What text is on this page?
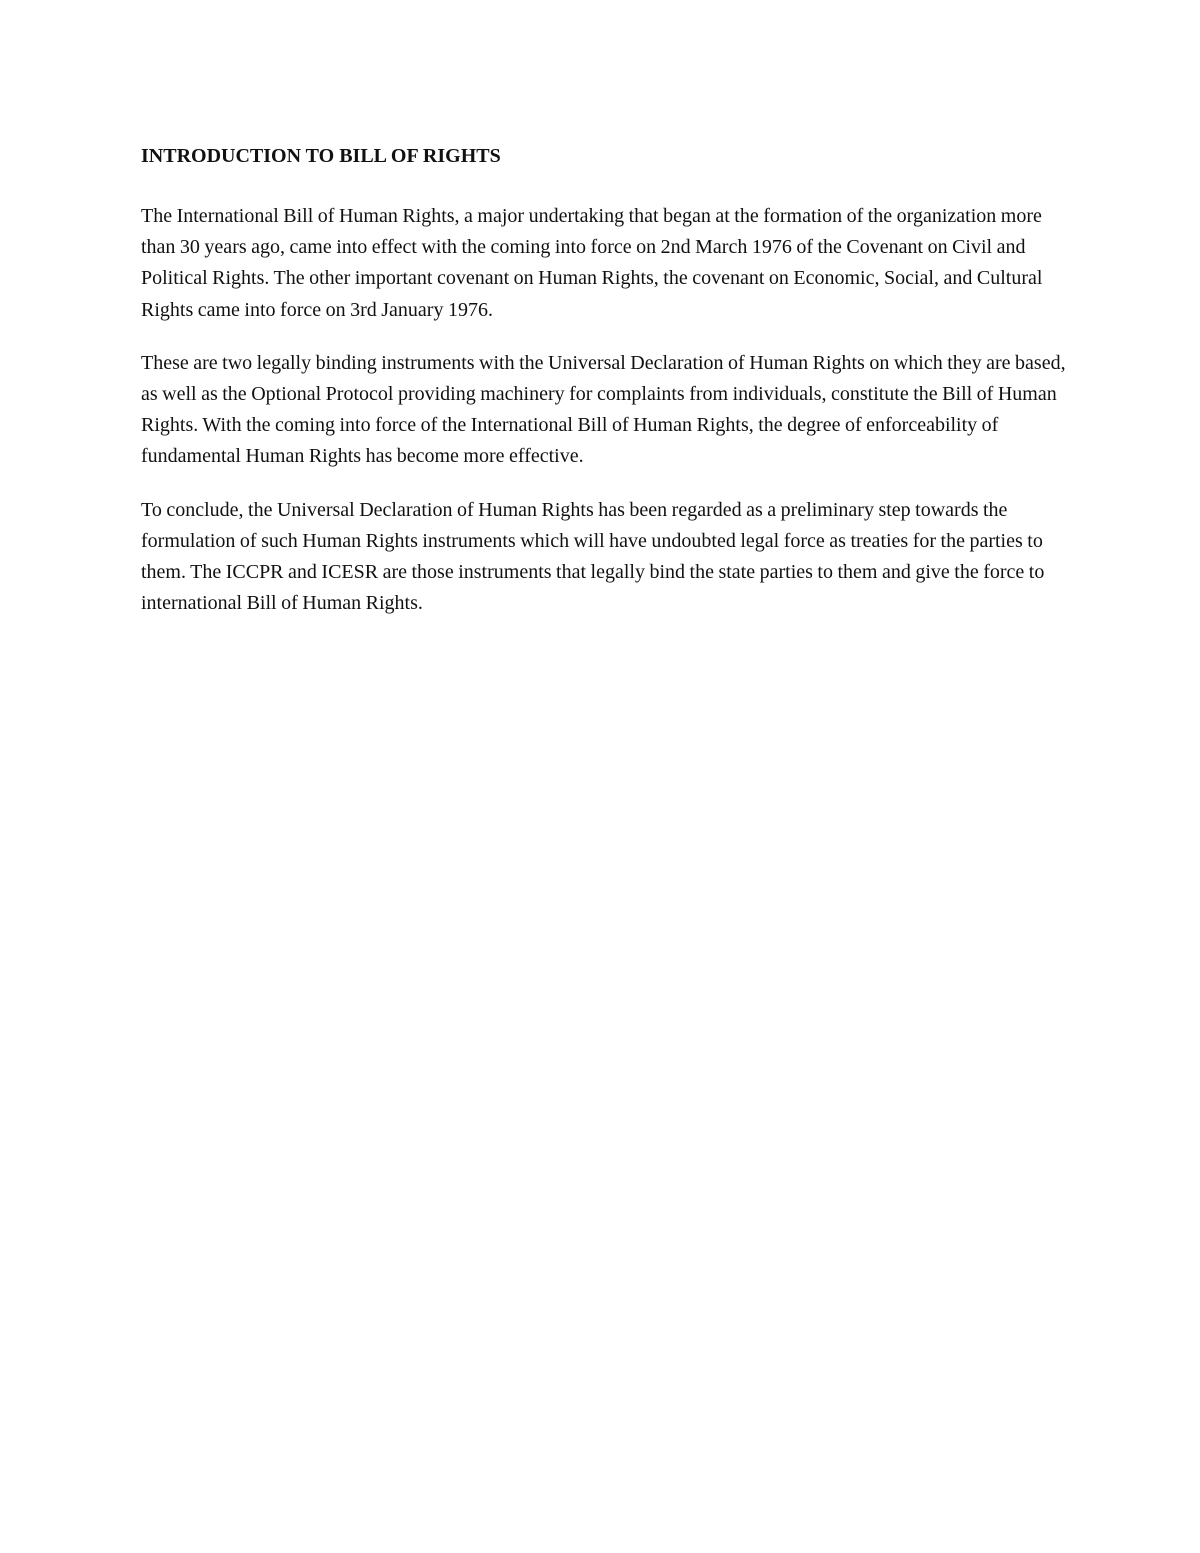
INTRODUCTION TO BILL OF RIGHTS

The International Bill of Human Rights, a major undertaking that began at the formation of the organization more than 30 years ago, came into effect with the coming into force on 2nd March 1976 of the Covenant on Civil and Political Rights. The other important covenant on Human Rights, the covenant on Economic, Social, and Cultural Rights came into force on 3rd January 1976.

These are two legally binding instruments with the Universal Declaration of Human Rights on which they are based, as well as the Optional Protocol providing machinery for complaints from individuals, constitute the Bill of Human Rights. With the coming into force of the International Bill of Human Rights, the degree of enforceability of fundamental Human Rights has become more effective.

To conclude, the Universal Declaration of Human Rights has been regarded as a preliminary step towards the formulation of such Human Rights instruments which will have undoubted legal force as treaties for the parties to them. The ICCPR and ICESR are those instruments that legally bind the state parties to them and give the force to international Bill of Human Rights.
